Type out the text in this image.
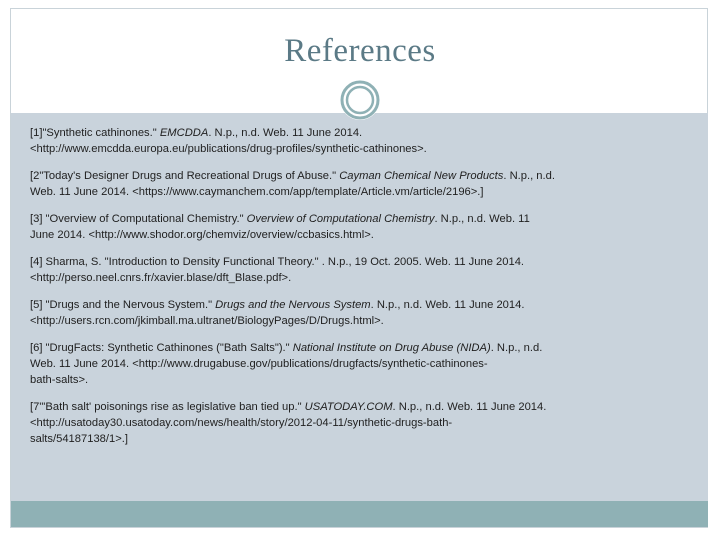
References
[1]"Synthetic cathinones." EMCDDA. N.p., n.d. Web. 11 June 2014.
<http://www.emcdda.europa.eu/publications/drug-profiles/synthetic-cathinones>.
[2"Today's Designer Drugs and Recreational Drugs of Abuse." Cayman Chemical New Products. N.p., n.d.
Web. 11 June 2014. <https://www.caymanchem.com/app/template/Article.vm/article/2196>.]
[3] "Overview of Computational Chemistry." Overview of Computational Chemistry. N.p., n.d. Web. 11
June 2014. <http://www.shodor.org/chemviz/overview/ccbasics.html>.
[4] Sharma, S. "Introduction to Density Functional Theory." . N.p., 19 Oct. 2005. Web. 11 June 2014.
<http://perso.neel.cnrs.fr/xavier.blase/dft_Blase.pdf>.
[5] "Drugs and the Nervous System." Drugs and the Nervous System. N.p., n.d. Web. 11 June 2014.
<http://users.rcn.com/jkimball.ma.ultranet/BiologyPages/D/Drugs.html>.
[6] "DrugFacts: Synthetic Cathinones ("Bath Salts")." National Institute on Drug Abuse (NIDA). N.p., n.d.
Web. 11 June 2014. <http://www.drugabuse.gov/publications/drugfacts/synthetic-cathinones-
bath-salts>.
[7"'Bath salt' poisonings rise as legislative ban tied up." USATODAY.COM. N.p., n.d. Web. 11 June 2014.
<http://usatoday30.usatoday.com/news/health/story/2012-04-11/synthetic-drugs-bath-
salts/54187138/1>.]
